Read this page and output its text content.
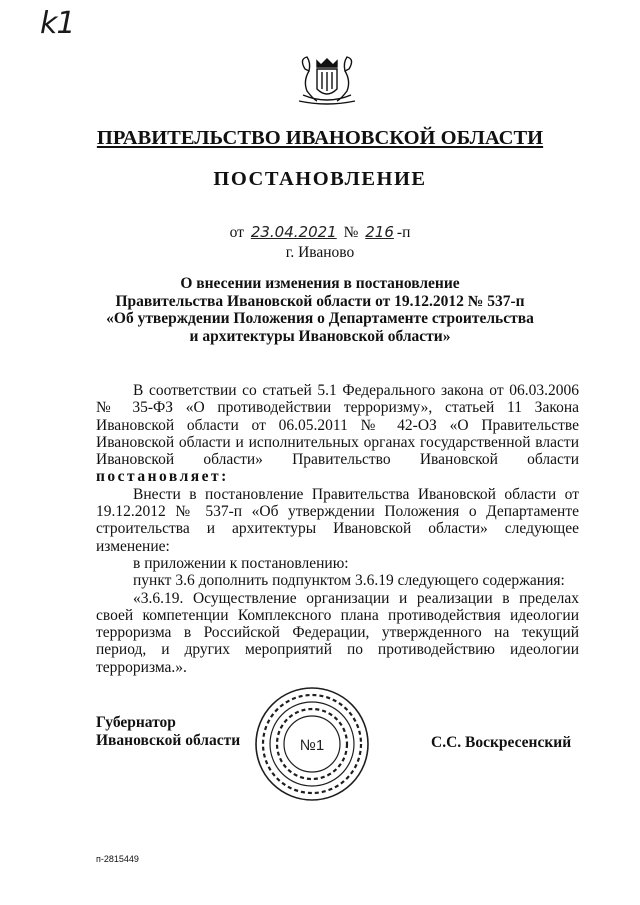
k1
ПРАВИТЕЛЬСТВО ИВАНОВСКОЙ ОБЛАСТИ
ПОСТАНОВЛЕНИЕ
от 23.04.2021 № 216 -п
г. Иваново
О внесении изменения в постановление
Правительства Ивановской области от 19.12.2012 № 537-п
«Об утверждении Положения о Департаменте строительства
и архитектуры Ивановской области»

В соответствии со статьей 5.1 Федерального закона от 06.03.2006 № 35-ФЗ «О противодействии терроризму», статьей 11 Закона Ивановской области от 06.05.2011 № 42-ОЗ «О Правительстве Ивановской области и исполнительных органах государственной власти Ивановской области» Правительство Ивановской области постановляет:

Внести в постановление Правительства Ивановской области от 19.12.2012 № 537-п «Об утверждении Положения о Департаменте строительства и архитектуры Ивановской области» следующее изменение:

в приложении к постановлению:

пункт 3.6 дополнить подпунктом 3.6.19 следующего содержания:

«3.6.19. Осуществление организации и реализации в пределах своей компетенции Комплексного плана противодействия идеологии терроризма в Российской Федерации, утвержденного на текущий период, и других мероприятий по противодействию идеологии терроризма.».

Губернатор
Ивановской области	№1	С.С. Воскресенский
п-2815449
